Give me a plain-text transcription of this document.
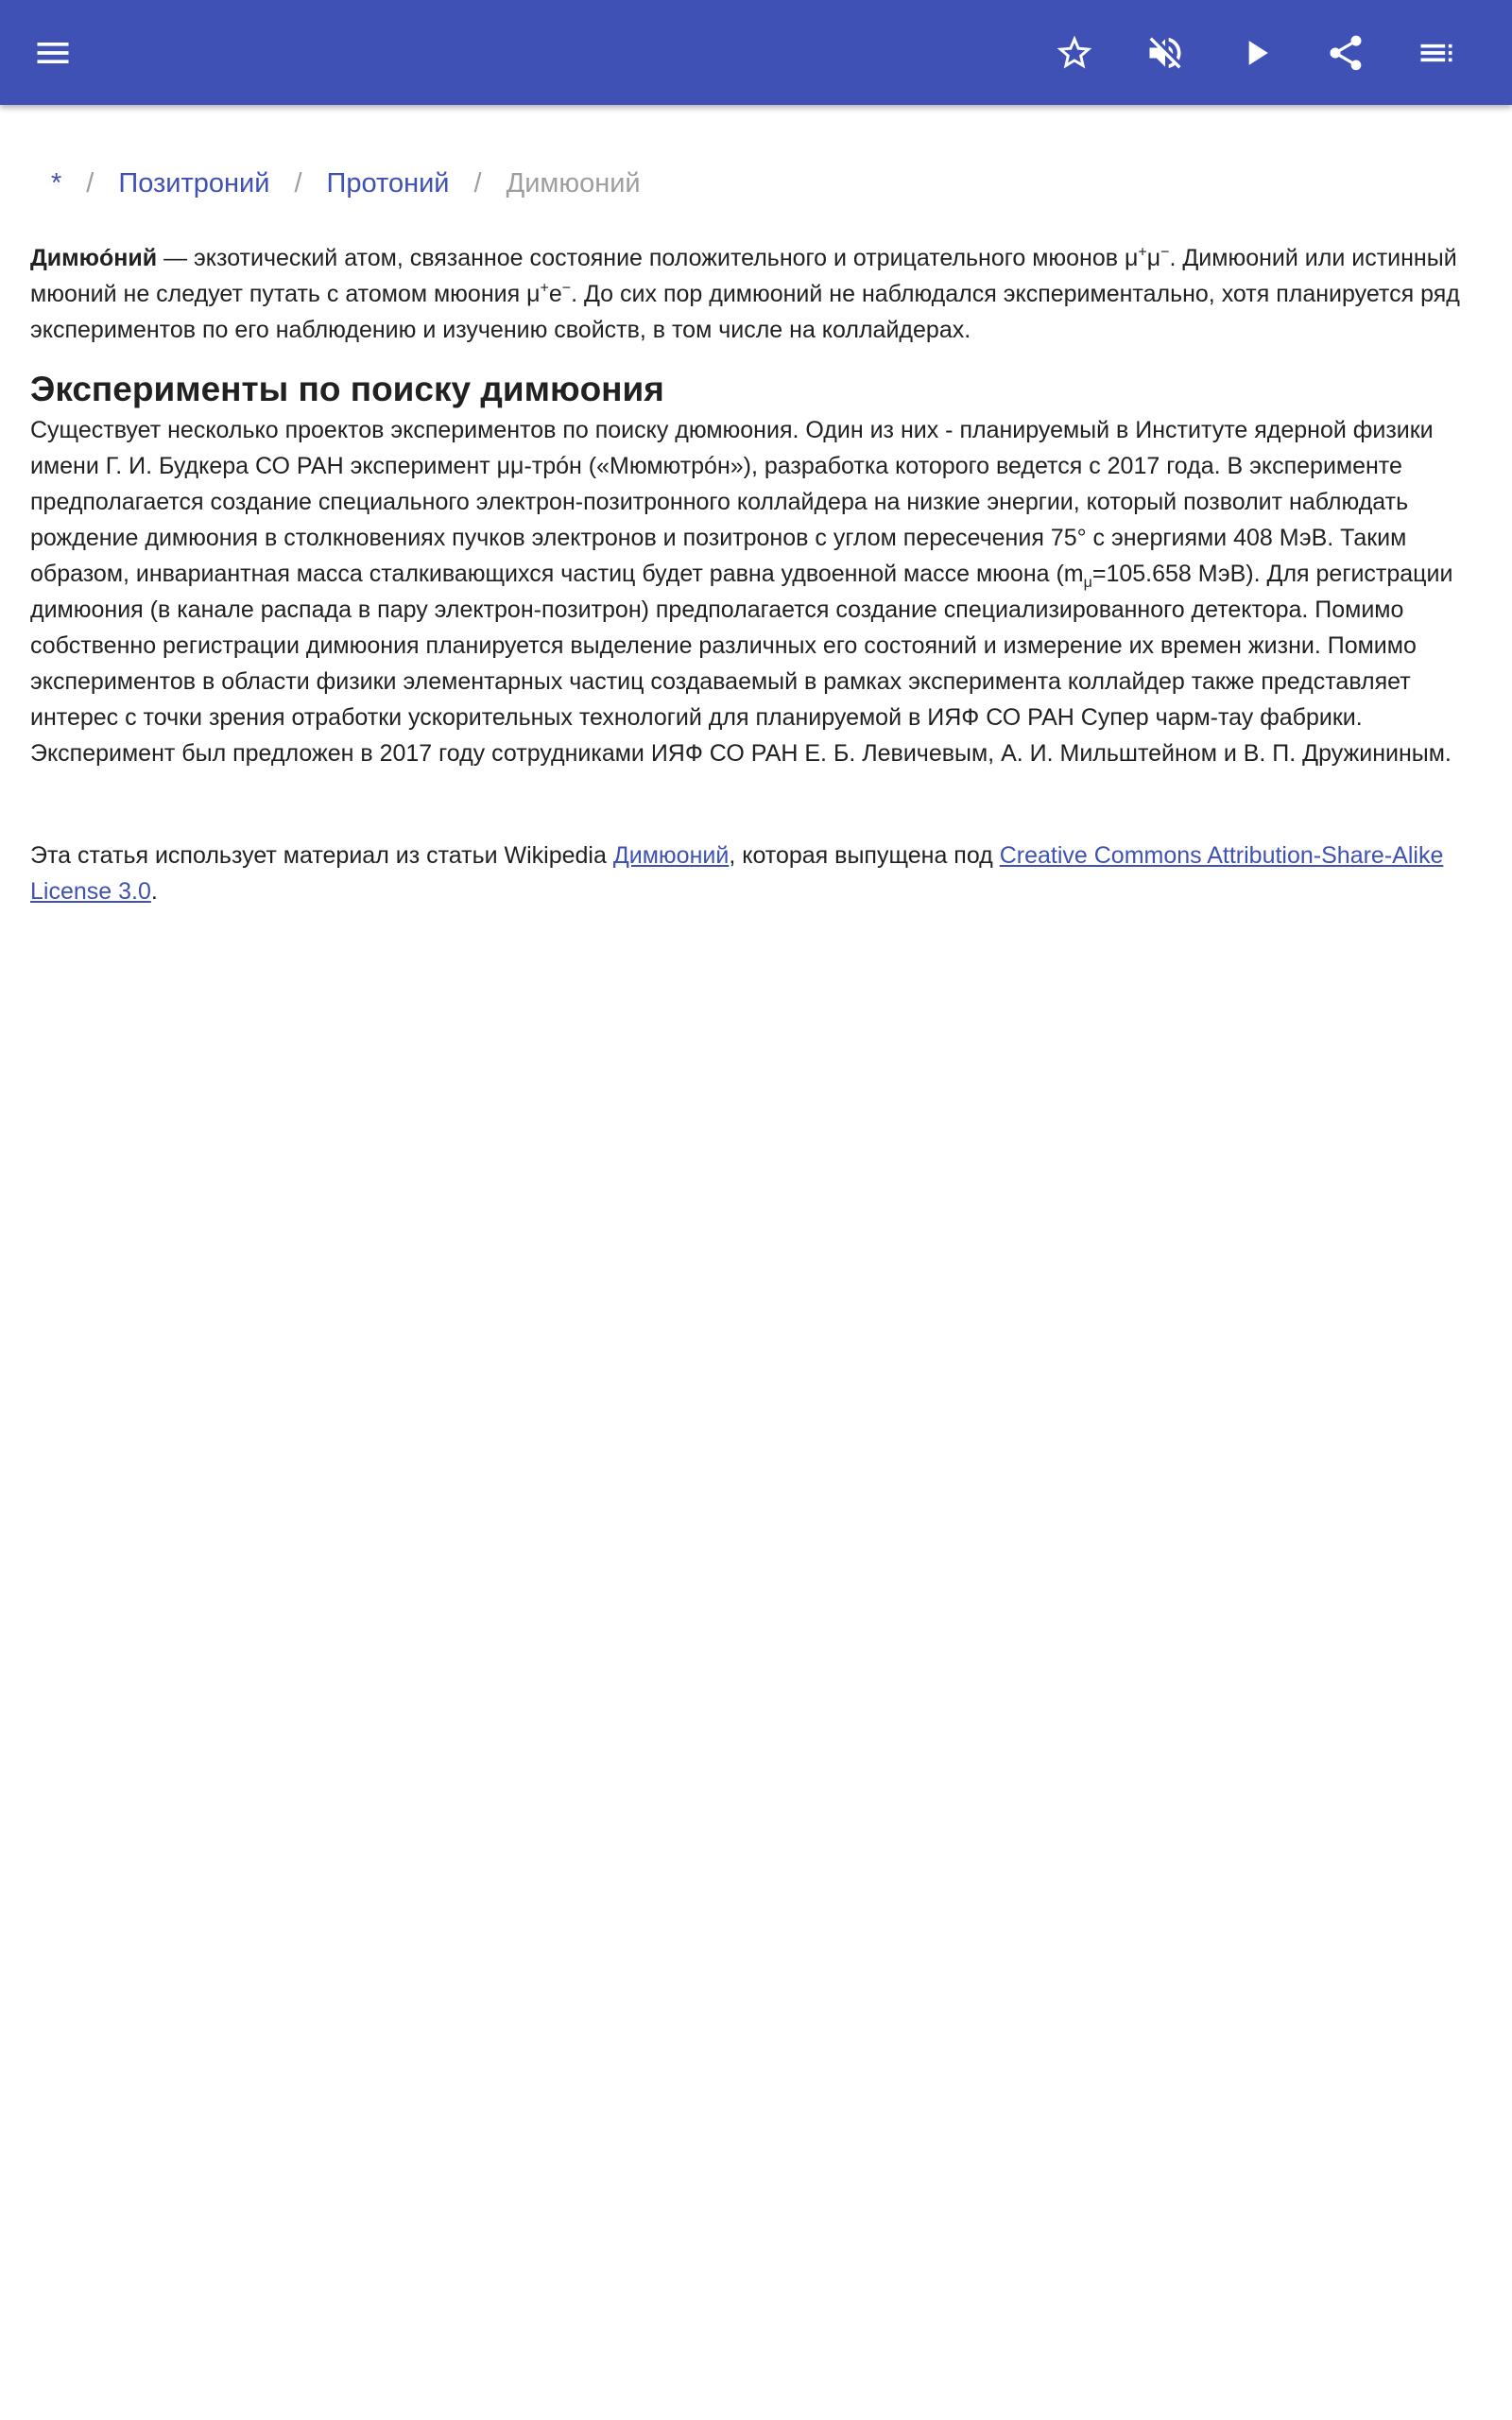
* / Позитроний / Протоний / Димюоний

Димюóний — экзотический атом, связанное состояние положительного и отрицательного мюонов μ+μ−. Димюоний или истинный мюоний не следует путать с атомом мюония μ+e−. До сих пор димюоний не наблюдался экспериментально, хотя планируется ряд экспериментов по его наблюдению и изучению свойств, в том числе на коллайдерах.

Эксперименты по поиску димюония

Существует несколько проектов экспериментов по поиску дюмюония. Один из них - планируемый в Институте ядерной физики имени Г. И. Будкера СО РАН эксперимент μμ-трóн («Мюмютрóн»), разработка которого ведется с 2017 года. В эксперименте предполагается создание специального электрон-позитронного коллайдера на низкие энергии, который позволит наблюдать рождение димюония в столкновениях пучков электронов и позитронов с углом пересечения 75° с энергиями 408 МэВ. Таким образом, инвариантная масса сталкивающихся частиц будет равна удвоенной массе мюона ($m_\mu=105.658$ МэВ). Для регистрации димюония (в канале распада в пару электрон-позитрон) предполагается создание специализированного детектора. Помимо собственно регистрации димюония планируется выделение различных его состояний и измерение их времен жизни. Помимо экспериментов в области физики элементарных частиц создаваемый в рамках эксперимента коллайдер также представляет интерес с точки зрения отработки ускорительных технологий для планируемой в ИЯФ СО РАН Супер чарм-тау фабрики. Эксперимент был предложен в 2017 году сотрудниками ИЯФ СО РАН Е. Б. Левичевым, А. И. Мильштейном и В. П. Дружининым.

Эта статья использует материал из статьи Wikipedia Димюоний, которая выпущена под Creative Commons Attribution-Share-Alike License 3.0.
